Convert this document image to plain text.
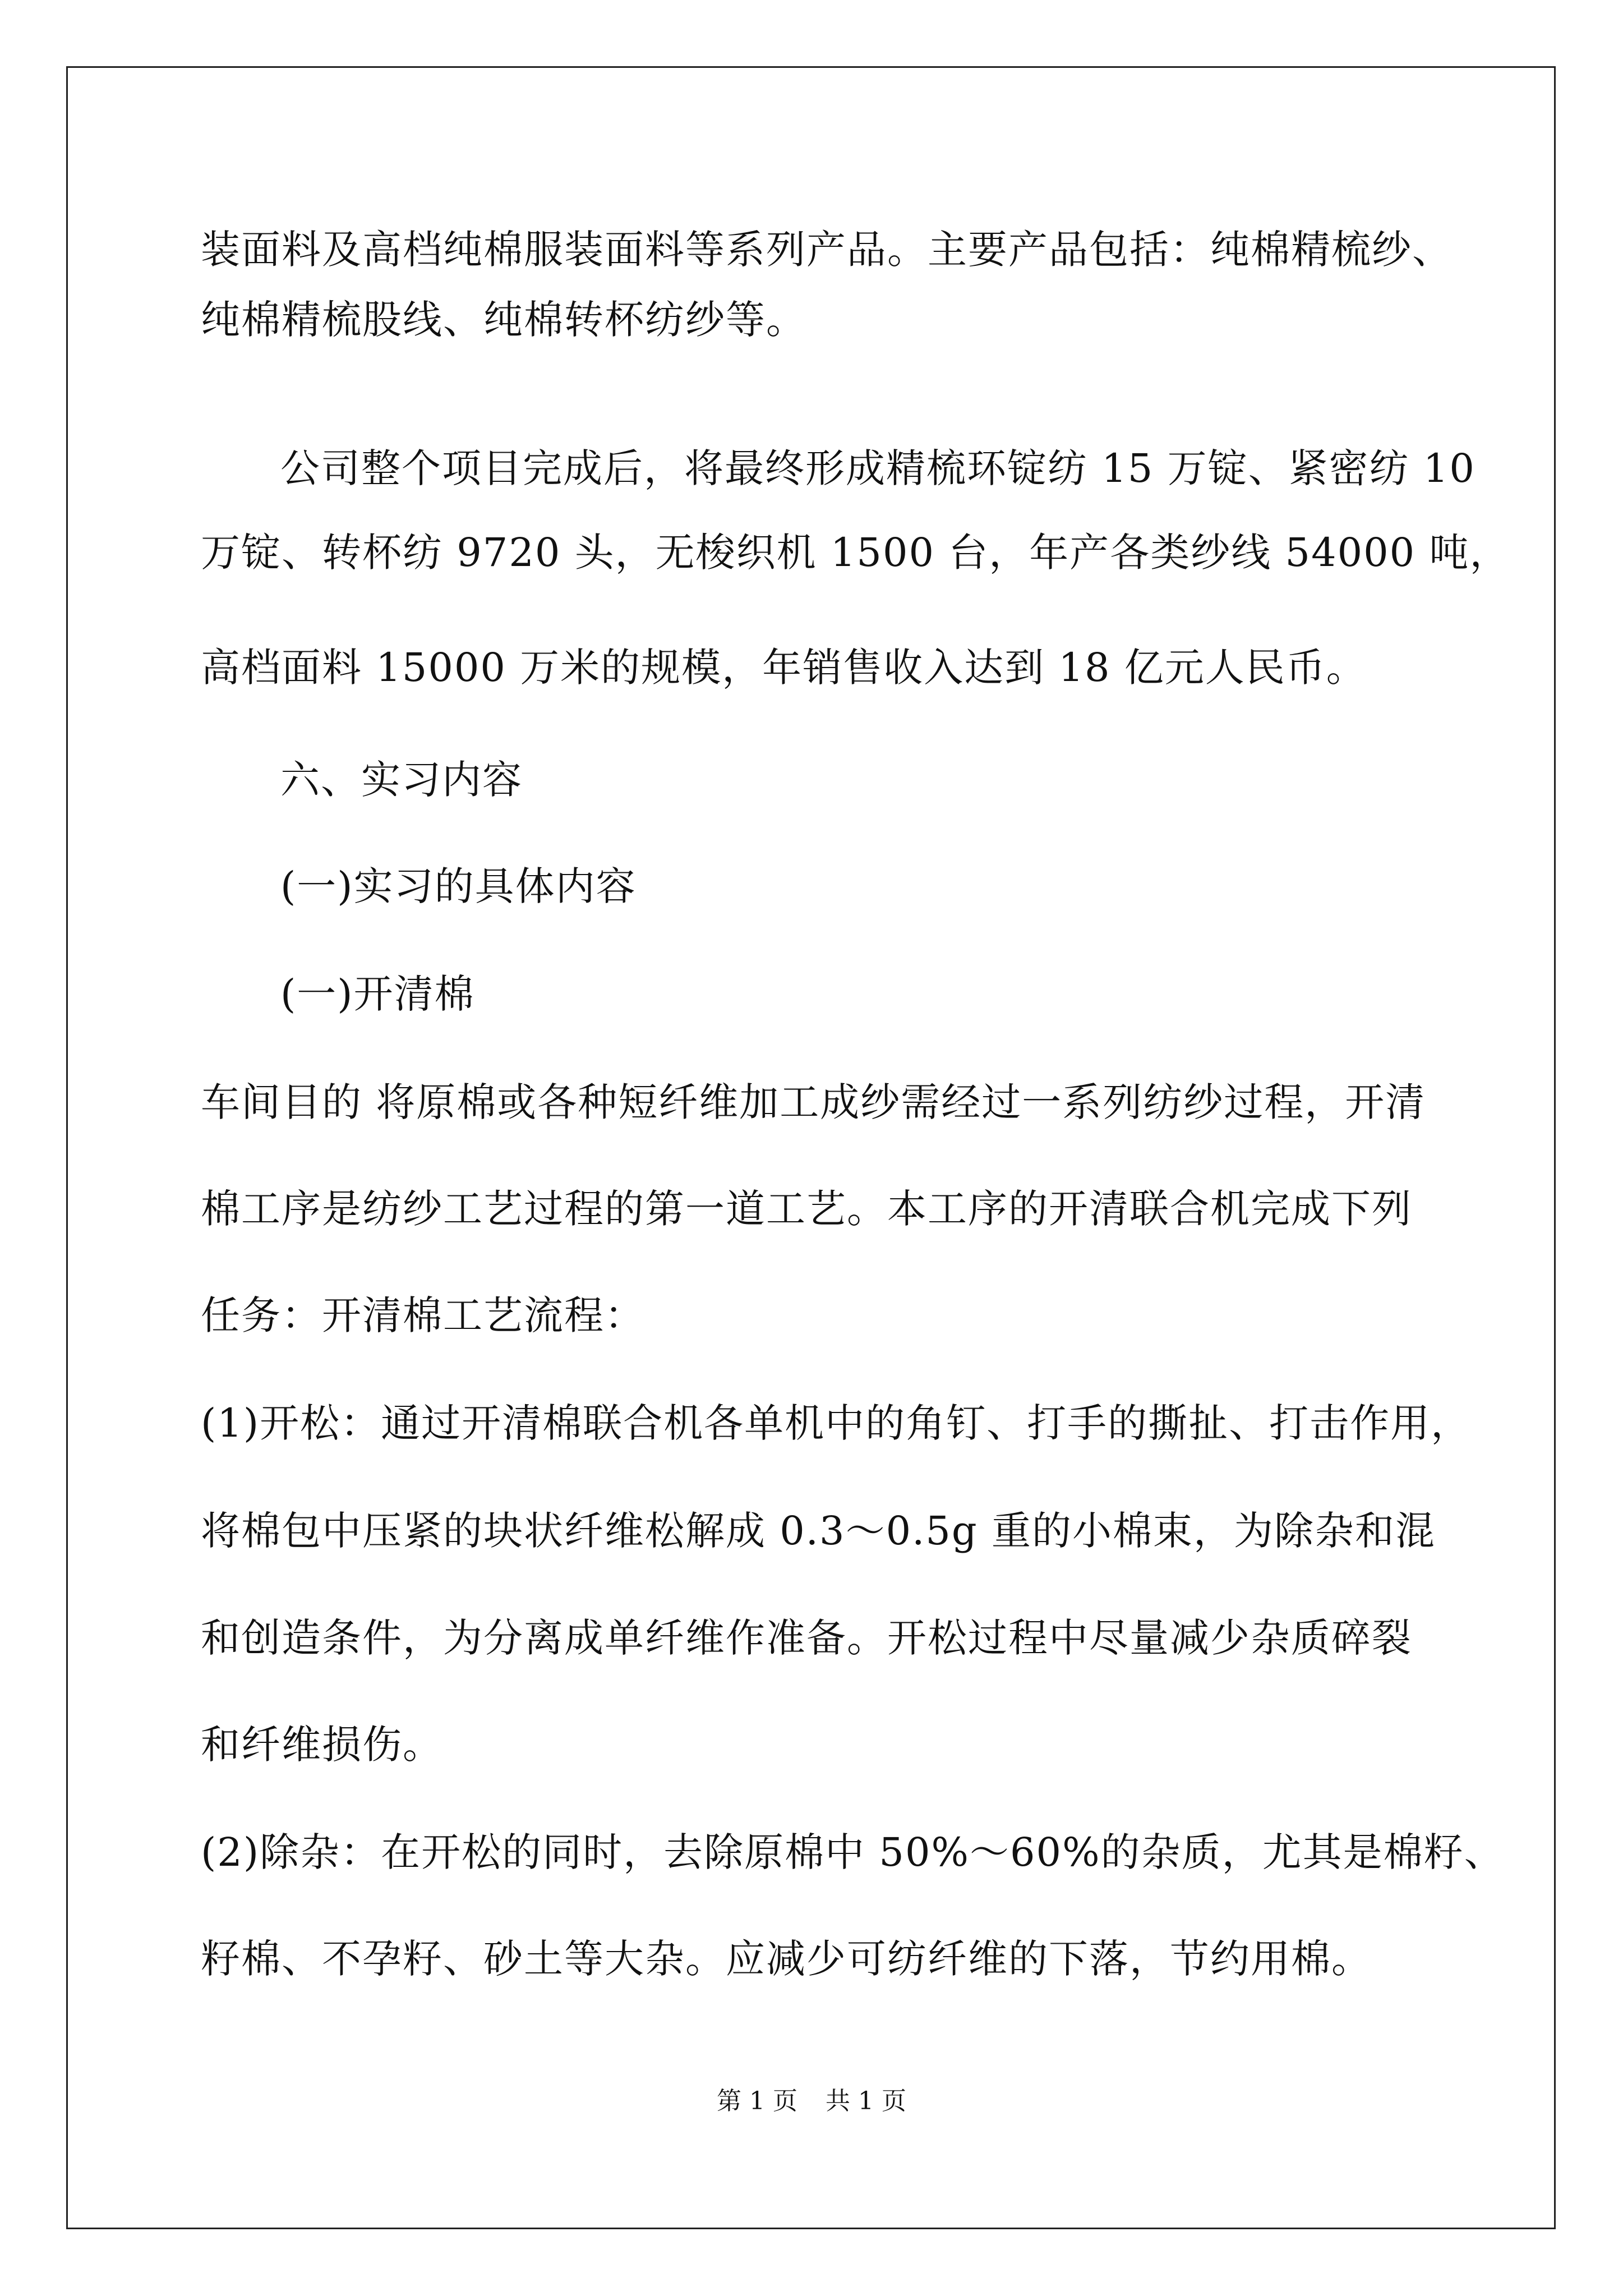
装面料及高档纯棉服装面料等系列产品。主要产品包括：纯棉精梳纱、
纯棉精梳股线、纯棉转杯纺纱等。
公司整个项目完成后，将最终形成精梳环锭纺 15 万锭、紧密纺 10
万锭、转杯纺 9720 头，无梭织机 1500 台，年产各类纱线 54000 吨，
高档面料 15000 万米的规模，年销售收入达到 18 亿元人民币。
六、实习内容
(一)实习的具体内容
(一)开清棉
车间目的 将原棉或各种短纤维加工成纱需经过一系列纺纱过程，开清
棉工序是纺纱工艺过程的第一道工艺。本工序的开清联合机完成下列
任务：开清棉工艺流程：
(1)开松：通过开清棉联合机各单机中的角钉、打手的撕扯、打击作用，
将棉包中压紧的块状纤维松解成 0.3～0.5g 重的小棉束，为除杂和混
和创造条件，为分离成单纤维作准备。开松过程中尽量减少杂质碎裂
和纤维损伤。
(2)除杂：在开松的同时，去除原棉中 50%～60%的杂质，尤其是棉籽、
籽棉、不孕籽、砂土等大杂。应减少可纺纤维的下落，节约用棉。
第 1 页 共 1 页
